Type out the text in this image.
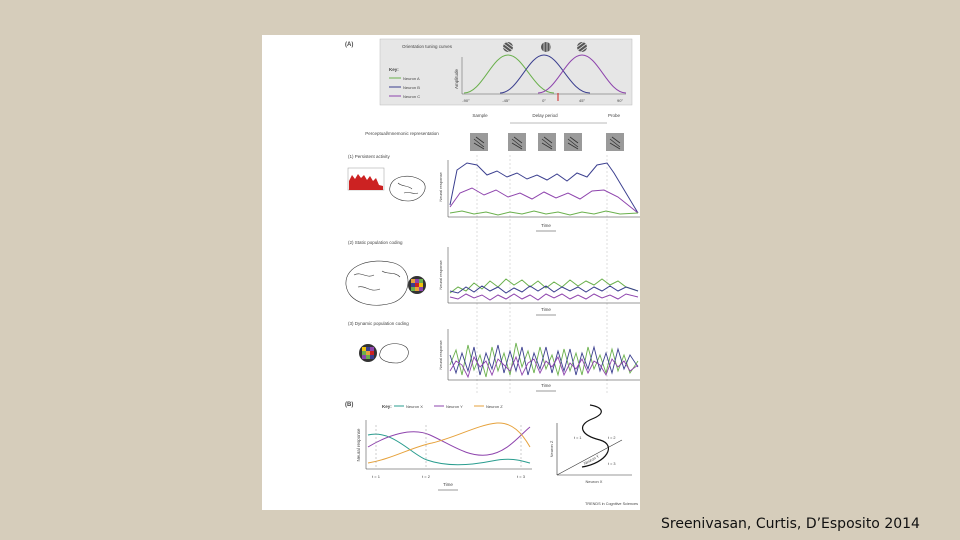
(A)	Orientation tuning curves
Key:
Neuron A
Neuron B
Neuron C
Amplitude
-90°	-45°	0°	45°	90°
Sample	Delay period	Probe
Perceptual/mnemonic representation
(1) Persistent activity
Neural response
Time
(2) Static population coding
Neural response
Time
(3) Dynamic population coding
Neural response
Time
(B)	Key:	Neuron X	Neuron Y	Neuron Z
Neural response
t = 1	t = 2	t = 3
Time
Neuron Z
Neuron X
Neuron Y
t = 1	t = 2
t = 3
TRENDS in Cognitive Sciences
Sreenivasan, Curtis, D’Esposito 2014
